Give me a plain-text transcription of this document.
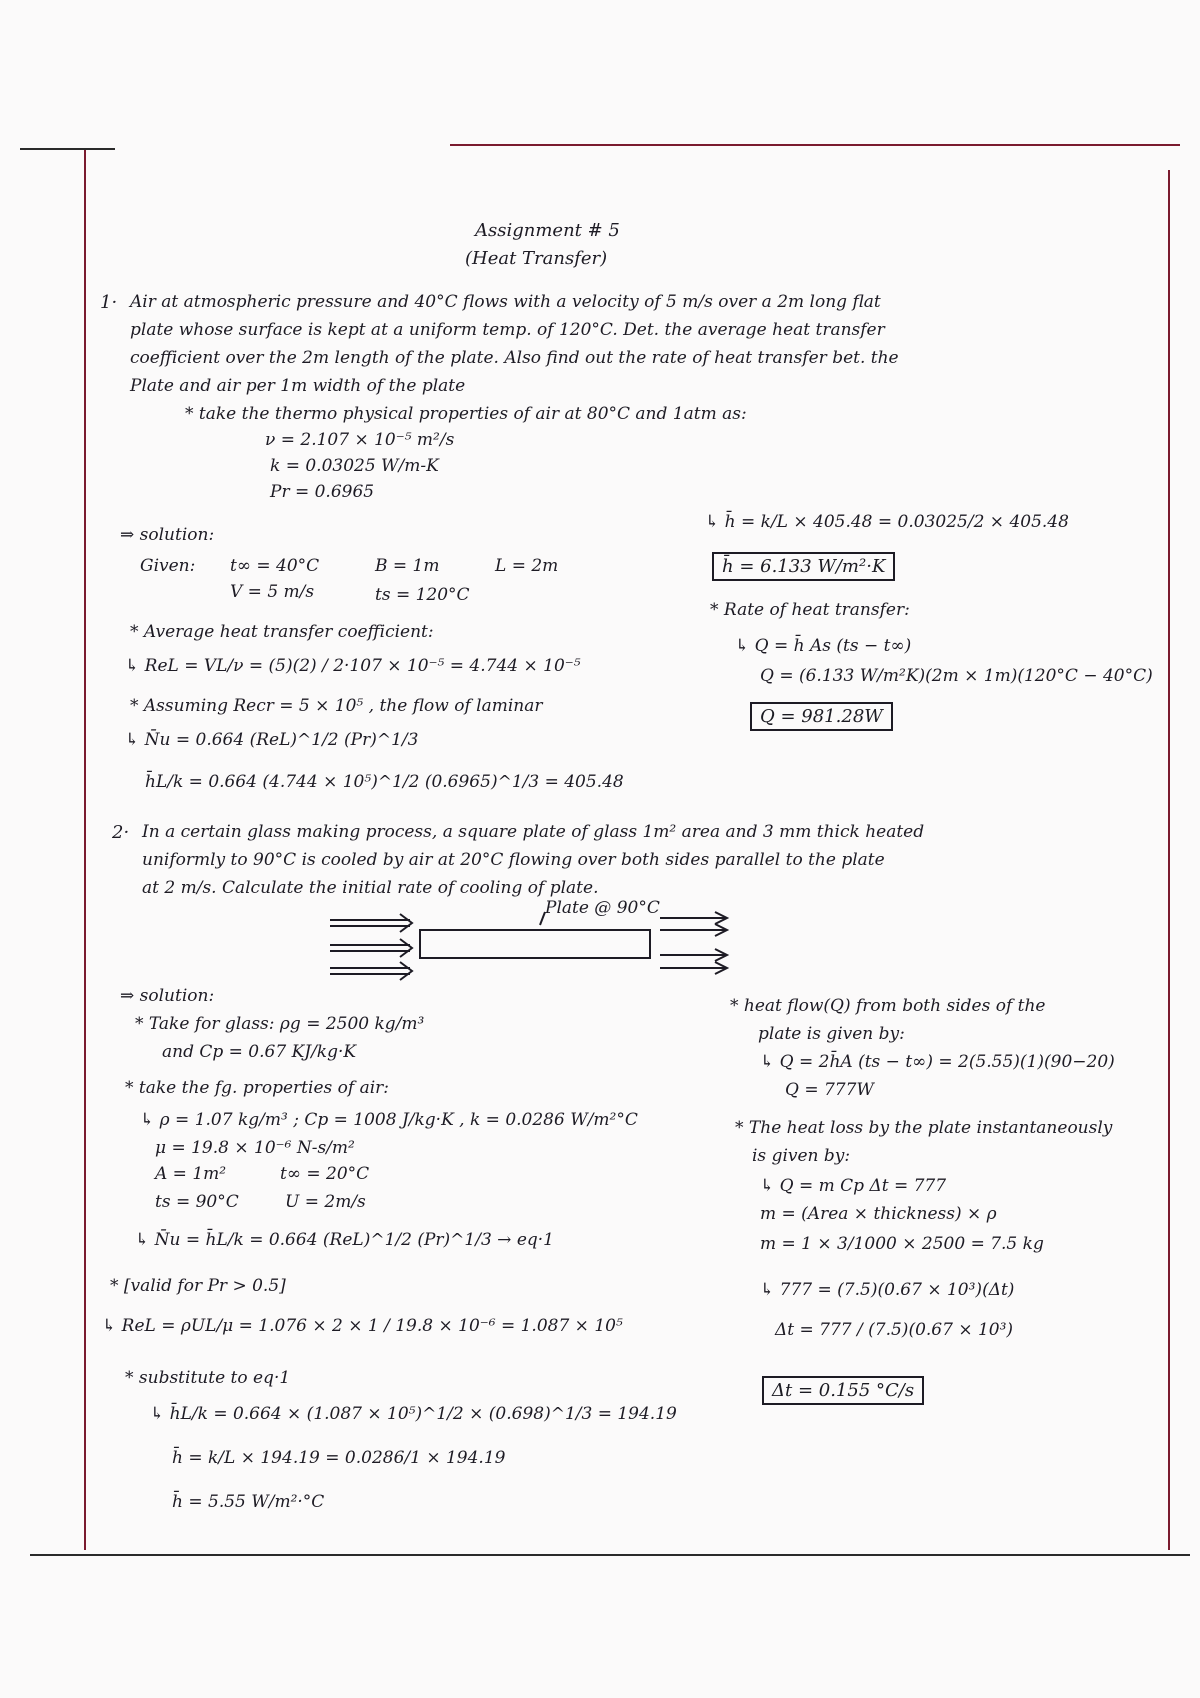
Assignment # 5
(Heat Transfer)
1· Air at atmospheric pressure and 40°C flows with a velocity of 5 m/s over a 2m long flat
plate whose surface is kept at a uniform temp. of 120°C. Det. the average heat transfer
coefficient over the 2m length of the plate. Also find out the rate of heat transfer bet. the
Plate and air per 1m width of the plate
* take the thermo physical properties of air at 80°C and 1atm as:
ν = 2.107 × 10⁻⁵ m²/s
k = 0.03025 W/m-K
Pr = 0.6965
⇒ solution:
Given: t∞ = 40°C	B = 1m	L = 2m
V = 5 m/s	ts = 120°C
* Average heat transfer coefficient:
↳ ReL = VL/ν = (5)(2) / 2·107 × 10⁻⁵ = 4.744 × 10⁻⁵
* Assuming Recr = 5 × 10⁵ , the flow of laminar
↳ N̄u = 0.664 (ReL)^1/2 (Pr)^1/3
h̄L/k = 0.664 (4.744 × 10⁵)^1/2 (0.6965)^1/3 = 405.48
↳ h̄ = k/L × 405.48 = 0.03025/2 × 405.48
h̄ = 6.133 W/m²·K
* Rate of heat transfer:
↳ Q = h̄ As (ts − t∞)
Q = (6.133 W/m²K)(2m × 1m)(120°C − 40°C)
Q = 981.28W
2· In a certain glass making process, a square plate of glass 1m² area and 3 mm thick heated
uniformly to 90°C is cooled by air at 20°C flowing over both sides parallel to the plate
at 2 m/s. Calculate the initial rate of cooling of plate.
Plate @ 90°C
⇒ solution:
* Take for glass: ρg = 2500 kg/m³
and Cp = 0.67 KJ/kg·K
* take the fg. properties of air:
↳ ρ = 1.07 kg/m³ ; Cp = 1008 J/kg·K , k = 0.0286 W/m²°C
μ = 19.8 × 10⁻⁶ N-s/m²
A = 1m²	t∞ = 20°C
ts = 90°C	U = 2m/s
↳ N̄u = h̄L/k = 0.664 (ReL)^1/2 (Pr)^1/3 → eq·1
* [valid for Pr > 0.5]
↳ ReL = ρUL/μ = 1.076 × 2 × 1 / 19.8 × 10⁻⁶ = 1.087 × 10⁵
* substitute to eq·1
↳ h̄L/k = 0.664 × (1.087 × 10⁵)^1/2 × (0.698)^1/3 = 194.19
h̄ = k/L × 194.19 = 0.0286/1 × 194.19
h̄ = 5.55 W/m²·°C
* heat flow(Q) from both sides of the
plate is given by:
↳ Q = 2h̄A (ts − t∞) = 2(5.55)(1)(90−20)
Q = 777W
* The heat loss by the plate instantaneously
is given by:
↳ Q = m Cp Δt = 777
m = (Area × thickness) × ρ
m = 1 × 3/1000 × 2500 = 7.5 kg
↳ 777 = (7.5)(0.67 × 10³)(Δt)
Δt = 777 / (7.5)(0.67 × 10³)
Δt = 0.155 °C/s
